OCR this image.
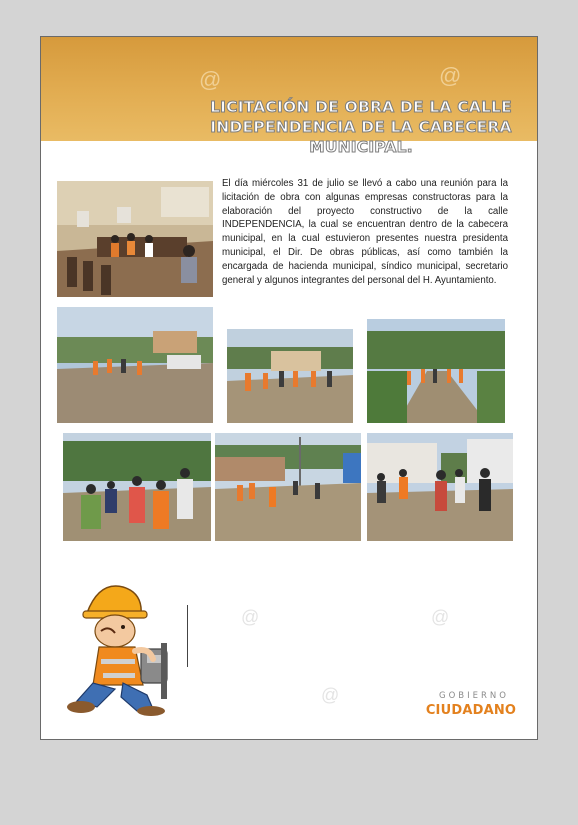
@	@
LICITACIÓN DE OBRA DE LA CALLE INDEPENDENCIA DE LA CABECERA MUNICIPAL.

El día miércoles 31 de julio se llevó a cabo una reunión para la licitación de obra con algunas empresas constructoras para la elaboración del proyecto constructivo de la calle INDEPENDENCIA, la cual se encuentran dentro de la cabecera municipal, en la cual estuvieron presentes nuestra presidenta municipal, el Dir. De obras públicas, así como también la encargada de hacienda municipal, síndico municipal, secretario general y algunos integrantes del personal del H. Ayuntamiento.

@	@
@	GOBIERNO
CIUDADANO
